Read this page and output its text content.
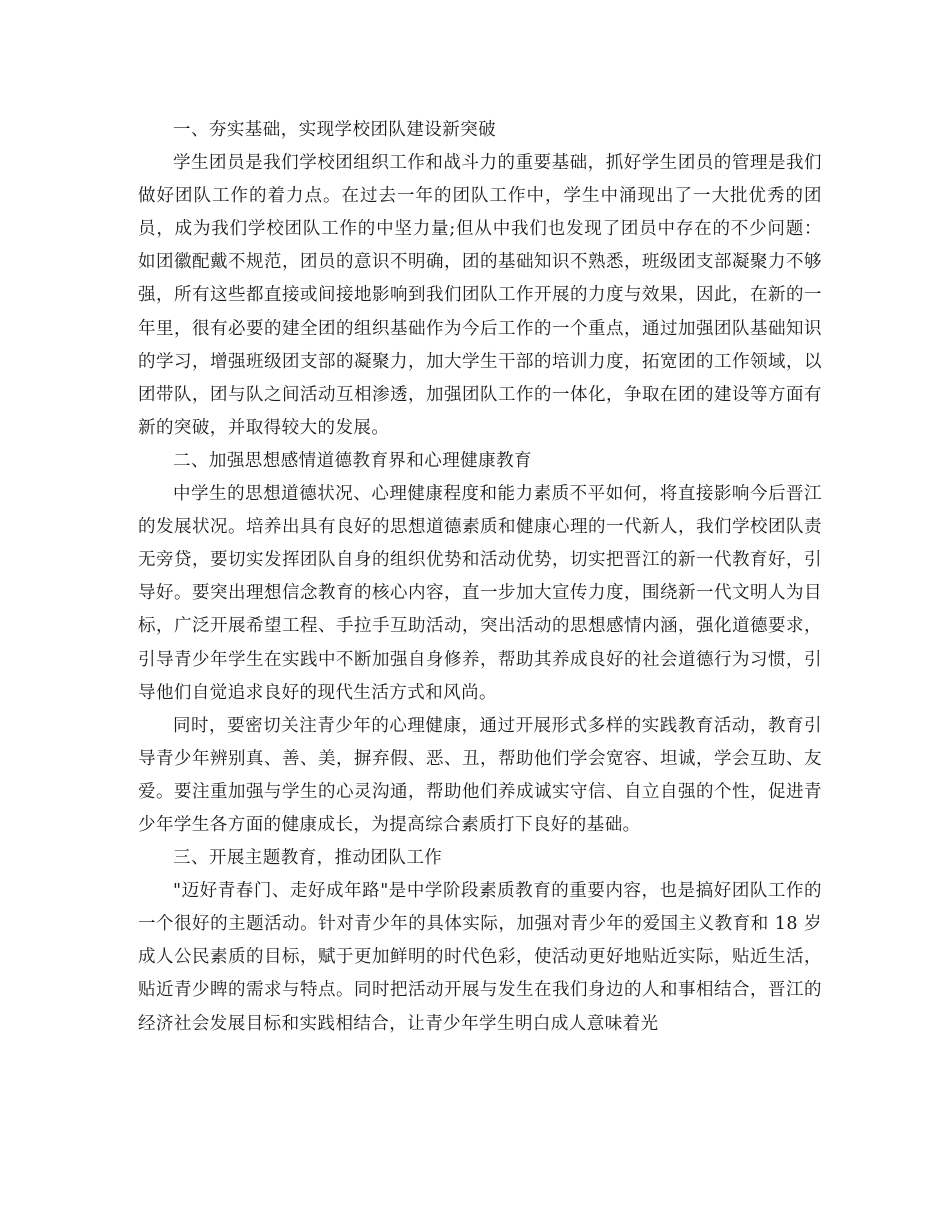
一、夯实基础，实现学校团队建设新突破

学生团员是我们学校团组织工作和战斗力的重要基础，抓好学生团员的管理是我们做好团队工作的着力点。在过去一年的团队工作中，学生中涌现出了一大批优秀的团员，成为我们学校团队工作的中坚力量;但从中我们也发现了团员中存在的不少问题：如团徽配戴不规范，团员的意识不明确，团的基础知识不熟悉，班级团支部凝聚力不够强，所有这些都直接或间接地影响到我们团队工作开展的力度与效果，因此，在新的一年里，很有必要的建全团的组织基础作为今后工作的一个重点，通过加强团队基础知识的学习，增强班级团支部的凝聚力，加大学生干部的培训力度，拓宽团的工作领域，以团带队，团与队之间活动互相渗透，加强团队工作的一体化，争取在团的建设等方面有新的突破，并取得较大的发展。

二、加强思想感情道德教育界和心理健康教育

中学生的思想道德状况、心理健康程度和能力素质不平如何，将直接影响今后晋江的发展状况。培养出具有良好的思想道德素质和健康心理的一代新人，我们学校团队责无旁贷，要切实发挥团队自身的组织优势和活动优势，切实把晋江的新一代教育好，引导好。要突出理想信念教育的核心内容，直一步加大宣传力度，围绕新一代文明人为目标，广泛开展希望工程、手拉手互助活动，突出活动的思想感情内涵，强化道德要求，引导青少年学生在实践中不断加强自身修养，帮助其养成良好的社会道德行为习惯，引导他们自觉追求良好的现代生活方式和风尚。

同时，要密切关注青少年的心理健康，通过开展形式多样的实践教育活动，教育引导青少年辨别真、善、美，摒弃假、恶、丑，帮助他们学会宽容、坦诚，学会互助、友爱。要注重加强与学生的心灵沟通，帮助他们养成诚实守信、自立自强的个性，促进青少年学生各方面的健康成长，为提高综合素质打下良好的基础。

三、开展主题教育，推动团队工作

"迈好青春门、走好成年路"是中学阶段素质教育的重要内容，也是搞好团队工作的一个很好的主题活动。针对青少年的具体实际，加强对青少年的爱国主义教育和 18 岁成人公民素质的目标，赋于更加鲜明的时代色彩，使活动更好地贴近实际，贴近生活，贴近青少睥的需求与特点。同时把活动开展与发生在我们身边的人和事相结合，晋江的经济社会发展目标和实践相结合，让青少年学生明白成人意味着光
